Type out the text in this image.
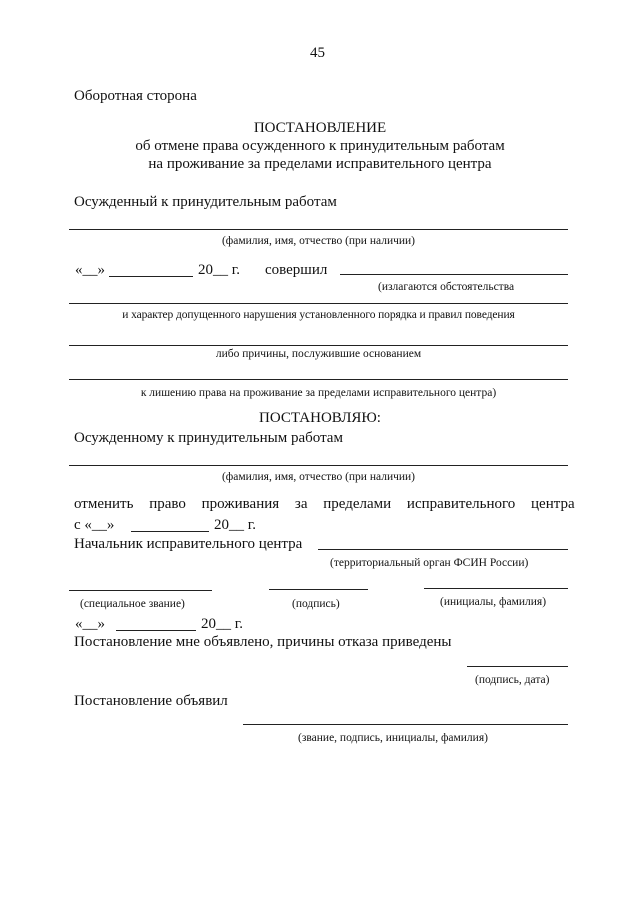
45
Оборотная сторона
ПОСТАНОВЛЕНИЕ
об отмене права осужденного к принудительным работам
на проживание за пределами исправительного центра
Осужденный к принудительным работам
(фамилия, имя, отчество (при наличии)
«__»	20__ г. совершил
(излагаются обстоятельства
и характер допущенного нарушения установленного порядка и правил поведения
либо причины, послужившие основанием
к лишению права на проживание за пределами исправительного центра)
ПОСТАНОВЛЯЮ:
Осужденному к принудительным работам
(фамилия, имя, отчество (при наличии)
отменить право проживания за пределами исправительного центра
с «__»	20__ г.
Начальник исправительного центра
(территориальный орган ФСИН России)
(специальное звание)	(подпись)	(инициалы, фамилия)
«__»	20__ г.
Постановление мне объявлено, причины отказа приведены
(подпись, дата)
Постановление объявил
(звание, подпись, инициалы, фамилия)
